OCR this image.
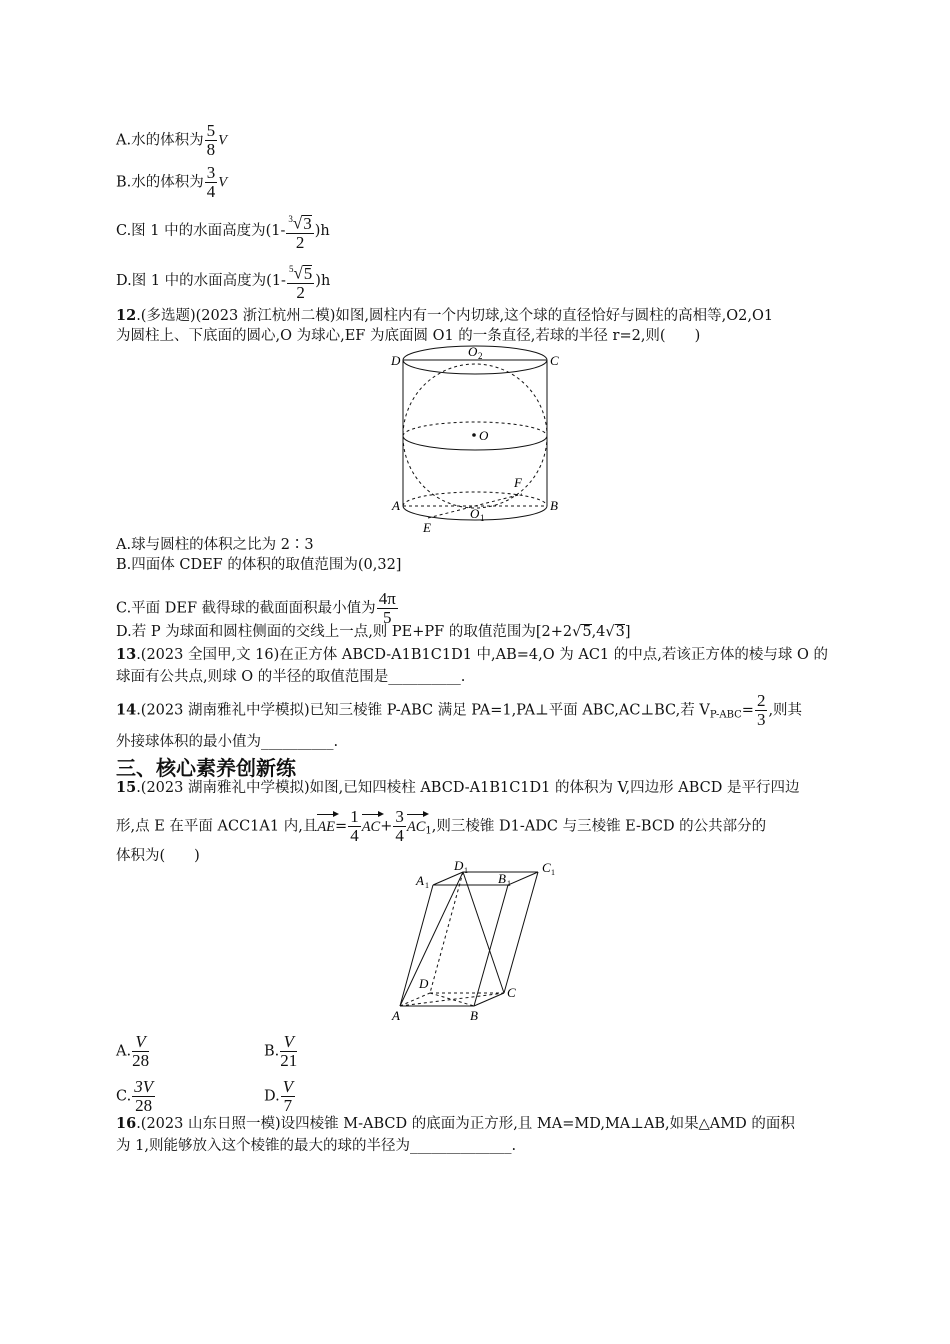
A.水的体积为 $\frac{5}{8}$ V
B.水的体积为 $\frac{3}{4}$ V
C.图 1 中的水面高度为$(1- \frac{^3√3}{2} )h$
D.图 1 中的水面高度为$(1- \frac{^5√5}{2} )h$
12.(多选题)(2023 浙江杭州二模)如图,圆柱内有一个内切球,这个球的直径恰好与圆柱的高相等,O2,O1
为圆柱上、下底面的圆心,O 为球心,EF 为底面圆 O1 的一条直径,若球的半径 r=2,则(　　)
D	C
O 2
O
A	B
O 1
E
F
A.球与圆柱的体积之比为 2∶3
B.四面体 CDEF 的体积的取值范围为(0,32]
C.平面 DEF 截得球的截面面积最小值为 $\frac{4\pi}{5}$
D.若 P 为球面和圆柱侧面的交线上一点,则 PE+PF 的取值范围为[2+2√5,4√3]
13.(2023 全国甲,文 16)在正方体 ABCD-A1B1C1D1 中,AB=4,O 为 AC1 的中点,若该正方体的棱与球 O 的
球面有公共点,则球 O 的半径的取值范围是__________.
14.(2023 湖南雅礼中学模拟)已知三棱锥 P-ABC 满足 PA=1,PA⊥平面 ABC,AC⊥BC,若 $V_{P-ABC}= \frac{2}{3}$ ,则其
外接球体积的最小值为__________.
三、核心素养创新练
15.(2023 湖南雅礼中学模拟)如图,已知四棱柱 ABCD-A1B1C1D1 的体积为 V,四边形 ABCD 是平行四边
形,点 E 在平面 ACC1A1 内,且$AE= \frac{1}{4} AC+ \frac{3}{4} AC_1$,则三棱锥 D1-ADC 与三棱锥 E-BCD 的公共部分的
体积为(　　)
D 1	C 1
A 1	B 1
D
C
A	B
A. $\frac{V}{28}$	B. $\frac{V}{21}$
C. $\frac{3V}{28}$	D. $\frac{V}{7}$
16.(2023 山东日照一模)设四棱锥 M-ABCD 的底面为正方形,且 MA=MD,MA⊥AB,如果△AMD 的面积
为 1,则能够放入这个棱锥的最大的球的半径为______________.
